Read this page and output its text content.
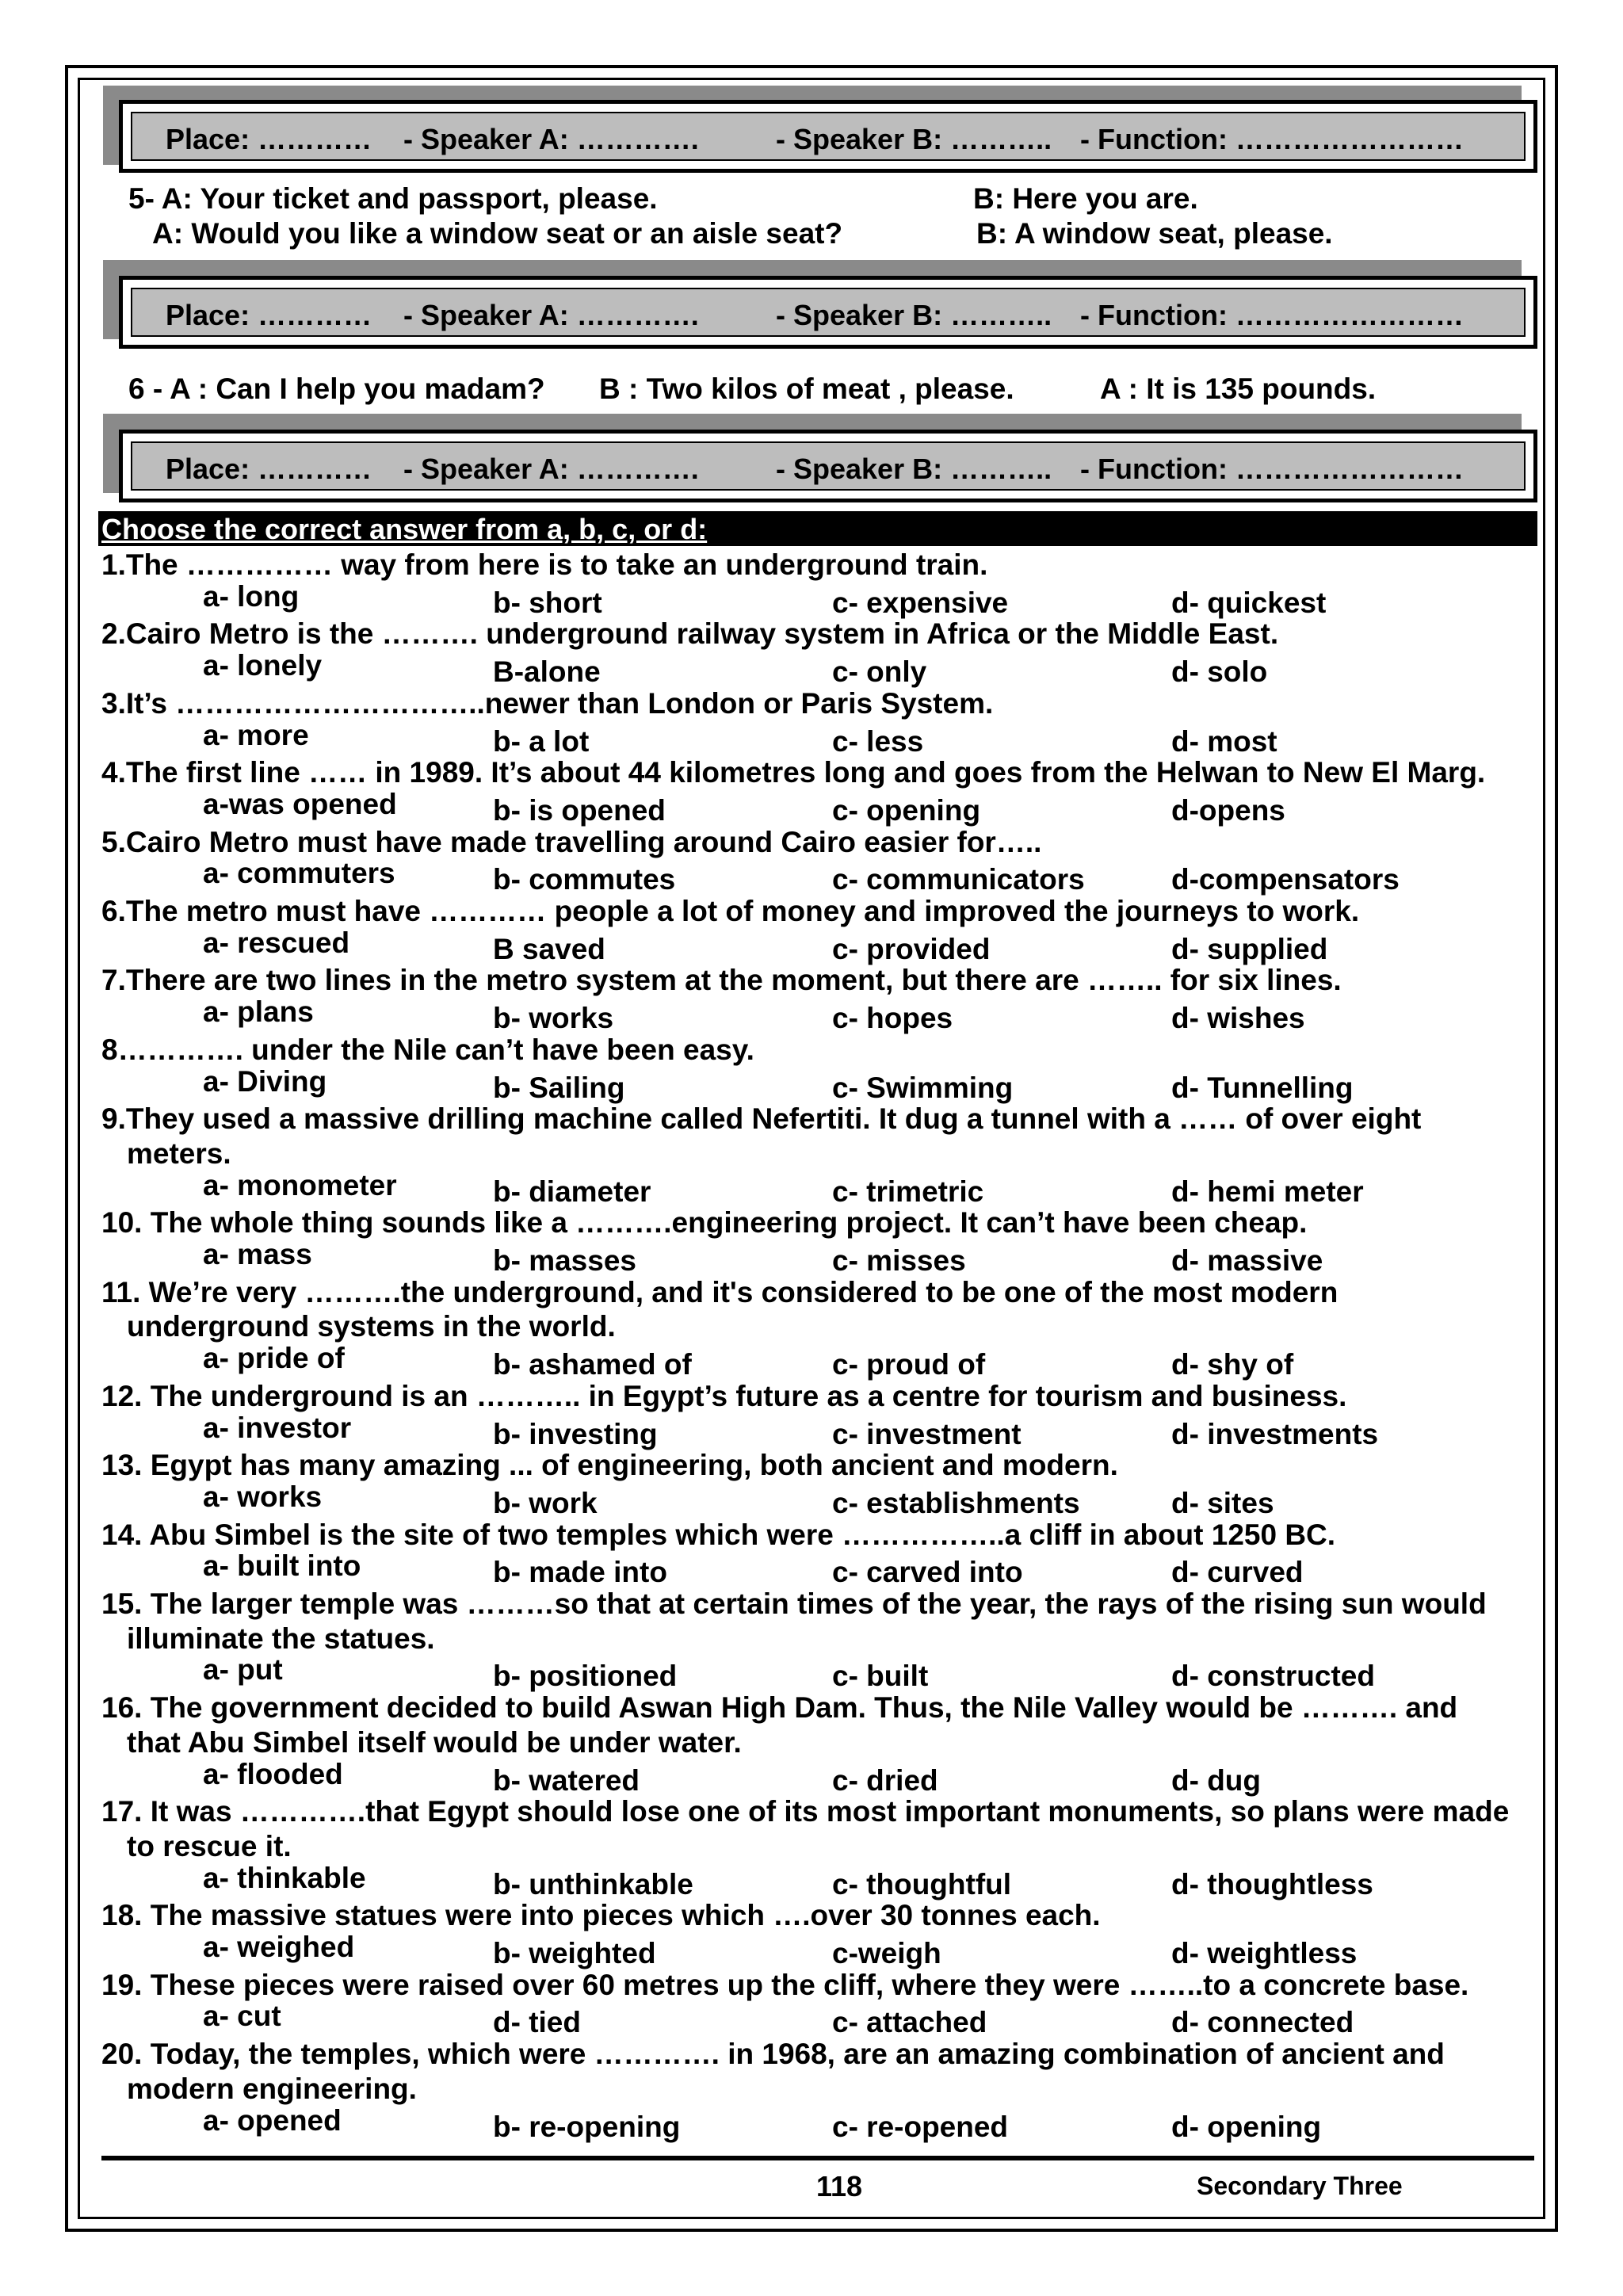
Place: ………… - Speaker A: ………….	- Speaker B: ……….. - Function: ……………………
5- A: Your ticket and passport, please.	B: Here you are.
A: Would you like a window seat or an aisle seat?	B: A window seat, please.
Place: ………… - Speaker A: ………….	- Speaker B: ……….. - Function: ……………………
6 - A : Can I help you madam? B : Two kilos of meat , please.	A : It is 135 pounds.
Place: ………… - Speaker A: ………….	- Speaker B: ……….. - Function: ……………………
Choose the correct answer from a, b, c, or d:
1.The …………… way from here is to take an underground train.
a- long	b- short	c- expensive	d- quickest
2.Cairo Metro is the ………. underground railway system in Africa or the Middle East.
a- lonely	B-alone	c- only	d- solo
3.It’s …………………………..newer than London or Paris System.
a- more	b- a lot	c- less	d- most
4.The first line …… in 1989. It’s about 44 kilometres long and goes from the Helwan to New El Marg.
a-was opened	b- is opened	c- opening	d-opens
5.Cairo Metro must have made travelling around Cairo easier for…..
a- commuters	b- commutes	c- communicators	d-compensators
6.The metro must have ………… people a lot of money and improved the journeys to work.
a- rescued	B saved	c- provided	d- supplied
7.There are two lines in the metro system at the moment, but there are …….. for six lines.
a- plans	b- works	c- hopes	d- wishes
8…………. under the Nile can’t have been easy.
a- Diving	b- Sailing	c- Swimming	d- Tunnelling
9.They used a massive drilling machine called Nefertiti. It dug a tunnel with a …… of over eight
meters.
a- monometer	b- diameter	c- trimetric	d- hemi meter
10. The whole thing sounds like a ……….engineering project. It can’t have been cheap.
a- mass	b- masses	c- misses	d- massive
11. We’re very ……….the underground, and it's considered to be one of the most modern
underground systems in the world.
a- pride of	b- ashamed of	c- proud of	d- shy of
12. The underground is an ……….. in Egypt’s future as a centre for tourism and business.
a- investor	b- investing	c- investment	d- investments
13. Egypt has many amazing ... of engineering, both ancient and modern.
a- works	b- work	c- establishments	d- sites
14. Abu Simbel is the site of two temples which were ……………..a cliff in about 1250 BC.
a- built into	b- made into	c- carved into	d- curved
15. The larger temple was ………so that at certain times of the year, the rays of the rising sun would
illuminate the statues.
a- put	b- positioned	c- built	d- constructed
16. The government decided to build Aswan High Dam. Thus, the Nile Valley would be ………. and
that Abu Simbel itself would be under water.
a- flooded	b- watered	c- dried	d- dug
17. It was ………….that Egypt should lose one of its most important monuments, so plans were made
to rescue it.
a- thinkable	b- unthinkable	c- thoughtful	d- thoughtless
18. The massive statues were into pieces which ….over 30 tonnes each.
a- weighed	b- weighted	c-weigh	d- weightless
19. These pieces were raised over 60 metres up the cliff, where they were ……..to a concrete base.
a- cut	d- tied	c- attached	d- connected
20. Today, the temples, which were …………. in 1968, are an amazing combination of ancient and
modern engineering.
a- opened	b- re-opening	c- re-opened	d- opening
118	Secondary Three
